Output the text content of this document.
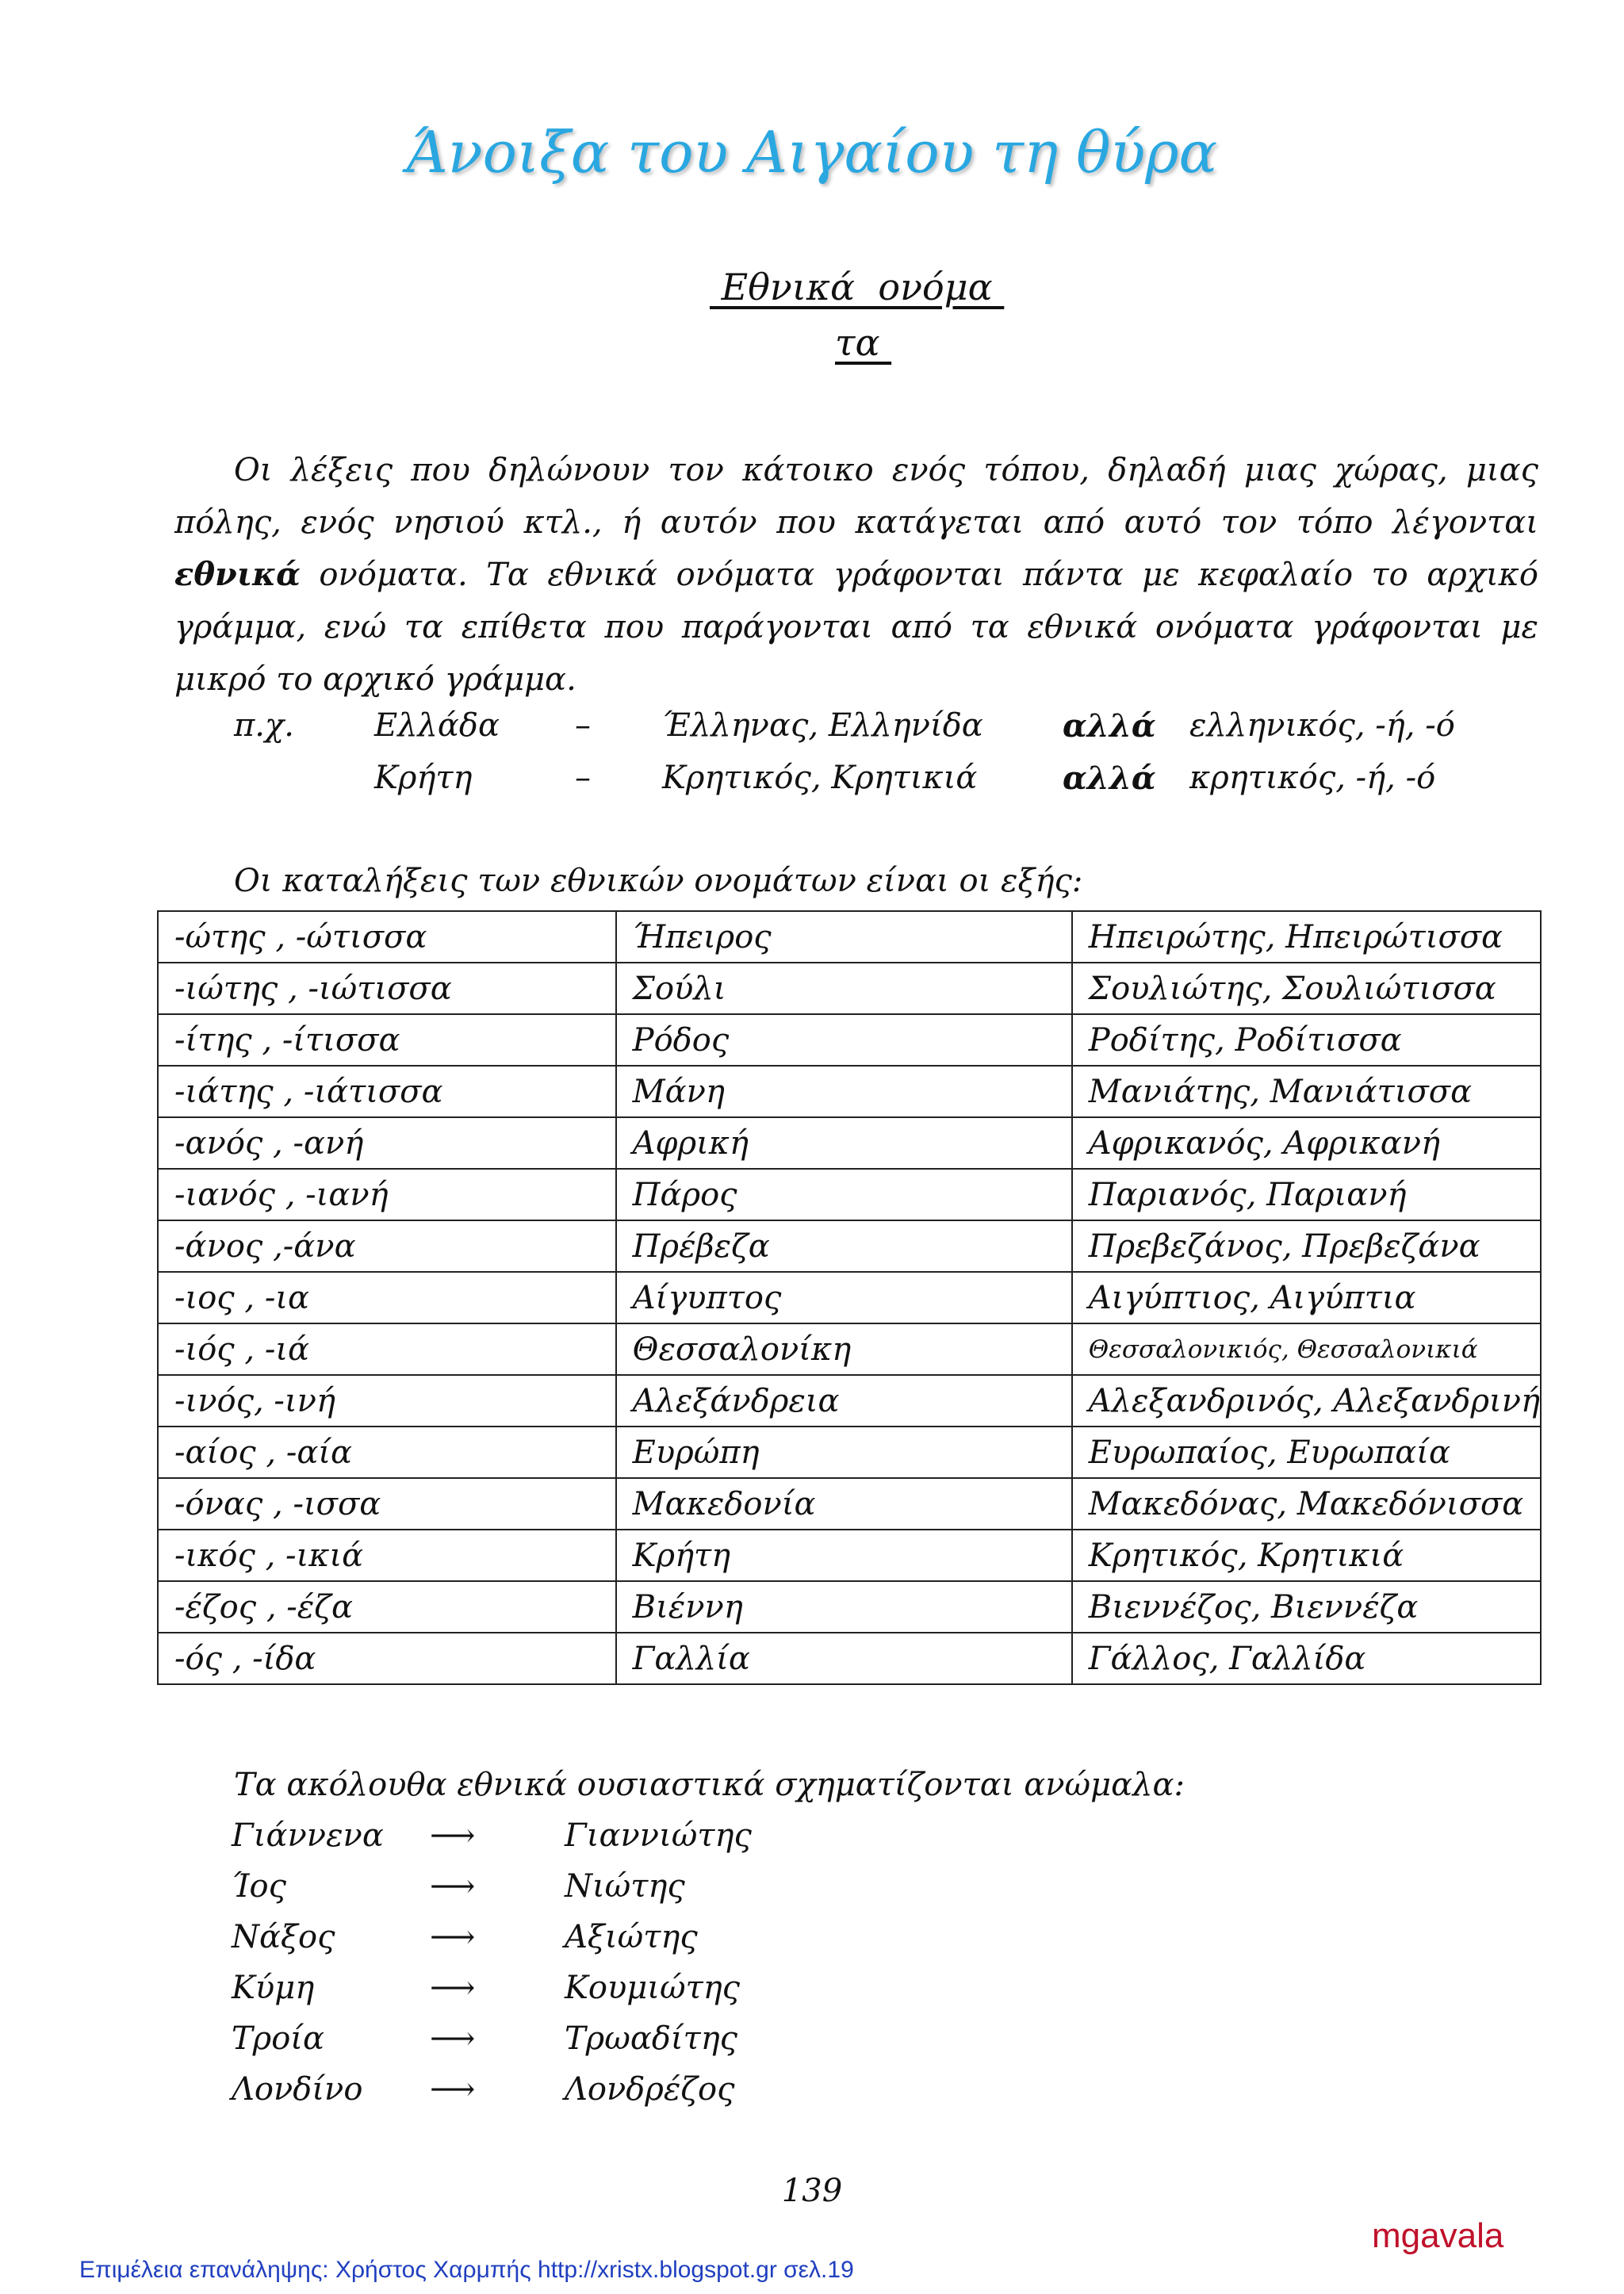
Άνοιξα του Αιγαίου τη θύρα
Εθνικά  ονόμα
τα
Οι λέξεις που δηλώνουν τον κάτοικο ενός τόπου, δηλαδή μιας χώρας, μιας πόλης, ενός νησιού κτλ., ή αυτόν που κατάγεται από αυτό τον τόπο λέγονται εθνικά ονόματα. Τα εθνικά ονόματα γράφονται πάντα με κεφαλαίο το αρχικό γράμμα, ενώ τα επίθετα που παράγονται από τα εθνικά ονόματα γράφονται με μικρό το αρχικό γράμμα.
π.χ.	Ελλάδα – Έλληνας, Ελληνίδα	αλλά ελληνικός, -ή, -ό
Κρήτη	– Κρητικός, Κρητικιά	αλλά κρητικός, -ή, -ό
Οι καταλήξεις των εθνικών ονομάτων είναι οι εξής:
-ώτης , -ώτισσα	Ήπειρος	Ηπειρώτης, Ηπειρώτισσα
-ιώτης , -ιώτισσα	Σούλι	Σουλιώτης, Σουλιώτισσα
-ίτης , -ίτισσα	Ρόδος	Ροδίτης, Ροδίτισσα
-ιάτης , -ιάτισσα	Μάνη	Μανιάτης, Μανιάτισσα
-ανός , -ανή	Αφρική	Αφρικανός, Αφρικανή
-ιανός , -ιανή	Πάρος	Παριανός, Παριανή
-άνος ,-άνα	Πρέβεζα	Πρεβεζάνος, Πρεβεζάνα
-ιος , -ια	Αίγυπτος	Αιγύπτιος, Αιγύπτια
-ιός , -ιά	Θεσσαλονίκη	Θεσσαλονικιός, Θεσσαλονικιά
-ινός, -ινή	Αλεξάνδρεια	Αλεξανδρινός, Αλεξανδρινή
-αίος , -αία	Ευρώπη	Ευρωπαίος, Ευρωπαία
-όνας , -ισσα	Μακεδονία	Μακεδόνας, Μακεδόνισσα
-ικός , -ικιά	Κρήτη	Κρητικός, Κρητικιά
-έζος , -έζα	Βιέννη	Βιεννέζος, Βιεννέζα
-ός , -ίδα	Γαλλία	Γάλλος, Γαλλίδα
Τα ακόλουθα εθνικά ουσιαστικά σχηματίζονται ανώμαλα:
Γιάννενα ⟶	Γιαννιώτης
Ίος	⟶	Νιώτης
Νάξος	⟶	Αξιώτης
Κύμη	⟶	Κουμιώτης
Τροία	⟶	Τρωαδίτης
Λονδίνο ⟶	Λονδρέζος
139
mgavala
Επιμέλεια επανάληψης: Χρήστος Χαρμπής http://xristx.blogspot.gr σελ.19
